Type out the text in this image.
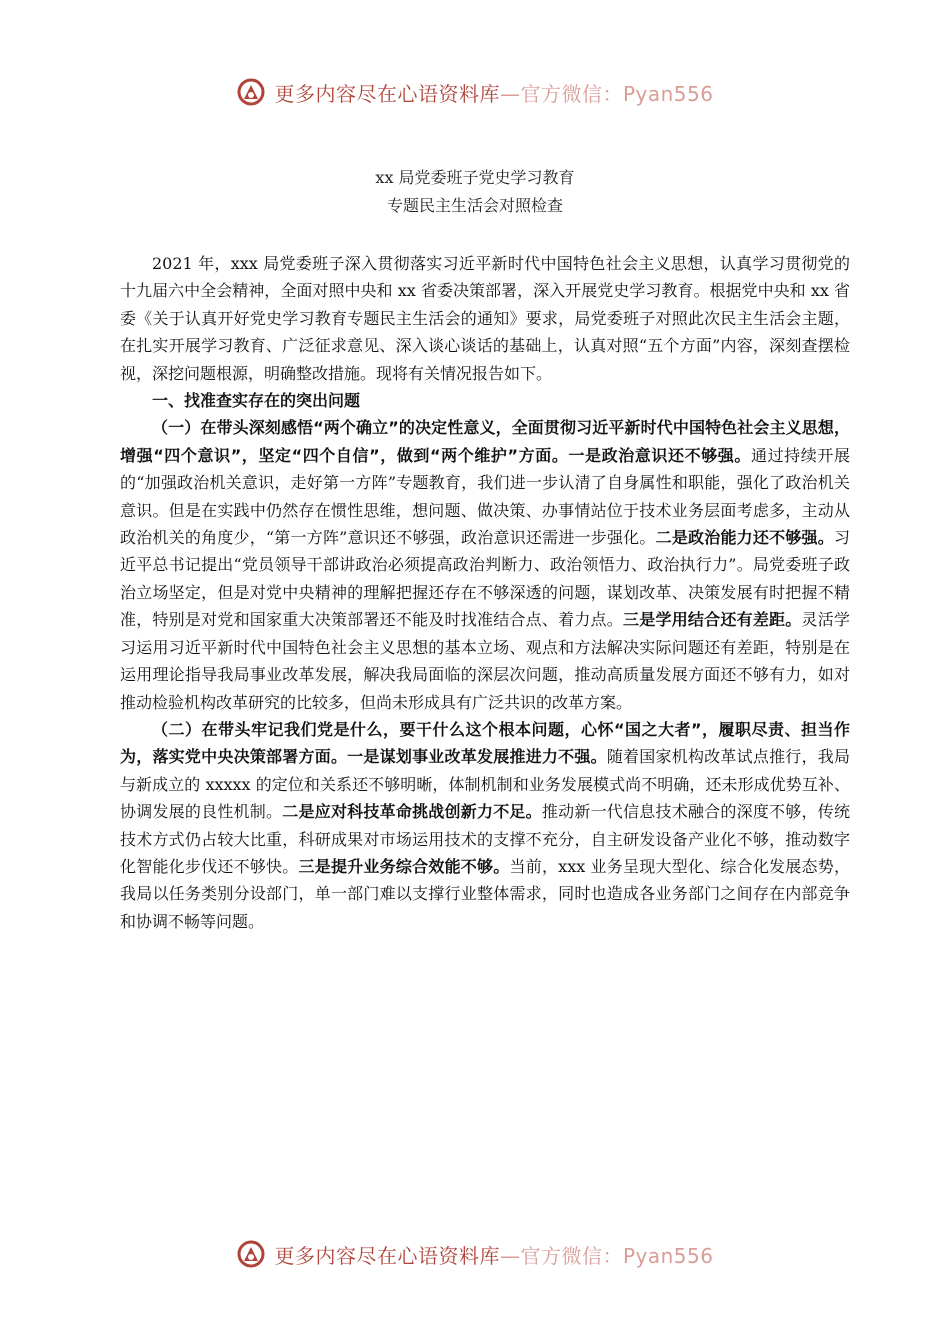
更多内容尽在心语资料库 —官方微信：Pyan556
xx 局党委班子党史学习教育
专题民主生活会对照检查

2021 年，xxx 局党委班子深入贯彻落实习近平新时代中国特色社会主义思想，认真学习贯彻党的十九届六中全会精神，全面对照中央和 xx 省委决策部署，深入开展党史学习教育。根据党中央和 xx 省委《关于认真开好党史学习教育专题民主生活会的通知》要求，局党委班子对照此次民主生活会主题，在扎实开展学习教育、广泛征求意见、深入谈心谈话的基础上，认真对照“五个方面”内容，深刻查摆检视，深挖问题根源，明确整改措施。现将有关情况报告如下。

一、找准查实存在的突出问题

（一）在带头深刻感悟“两个确立”的决定性意义，全面贯彻习近平新时代中国特色社会主义思想，增强“四个意识”，坚定“四个自信”，做到“两个维护”方面。一是政治意识还不够强。通过持续开展的“加强政治机关意识，走好第一方阵”专题教育，我们进一步认清了自身属性和职能，强化了政治机关意识。但是在实践中仍然存在惯性思维，想问题、做决策、办事情站位于技术业务层面考虑多，主动从政治机关的角度少，“第一方阵”意识还不够强，政治意识还需进一步强化。二是政治能力还不够强。习近平总书记提出“党员领导干部讲政治必须提高政治判断力、政治领悟力、政治执行力”。局党委班子政治立场坚定，但是对党中央精神的理解把握还存在不够深透的问题，谋划改革、决策发展有时把握不精准，特别是对党和国家重大决策部署还不能及时找准结合点、着力点。三是学用结合还有差距。灵活学习运用习近平新时代中国特色社会主义思想的基本立场、观点和方法解决实际问题还有差距，特别是在运用理论指导我局事业改革发展，解决我局面临的深层次问题，推动高质量发展方面还不够有力，如对推动检验机构改革研究的比较多，但尚未形成具有广泛共识的改革方案。

（二）在带头牢记我们党是什么，要干什么这个根本问题，心怀“国之大者”，履职尽责、担当作为，落实党中央决策部署方面。一是谋划事业改革发展推进力不强。随着国家机构改革试点推行，我局与新成立的 xxxxx 的定位和关系还不够明晰，体制机制和业务发展模式尚不明确，还未形成优势互补、协调发展的良性机制。二是应对科技革命挑战创新力不足。推动新一代信息技术融合的深度不够，传统技术方式仍占较大比重，科研成果对市场运用技术的支撑不充分，自主研发设备产业化不够，推动数字化智能化步伐还不够快。三是提升业务综合效能不够。当前，xxx 业务呈现大型化、综合化发展态势，我局以任务类别分设部门，单一部门难以支撑行业整体需求，同时也造成各业务部门之间存在内部竞争和协调不畅等问题。

更多内容尽在心语资料库 —官方微信：Pyan556
